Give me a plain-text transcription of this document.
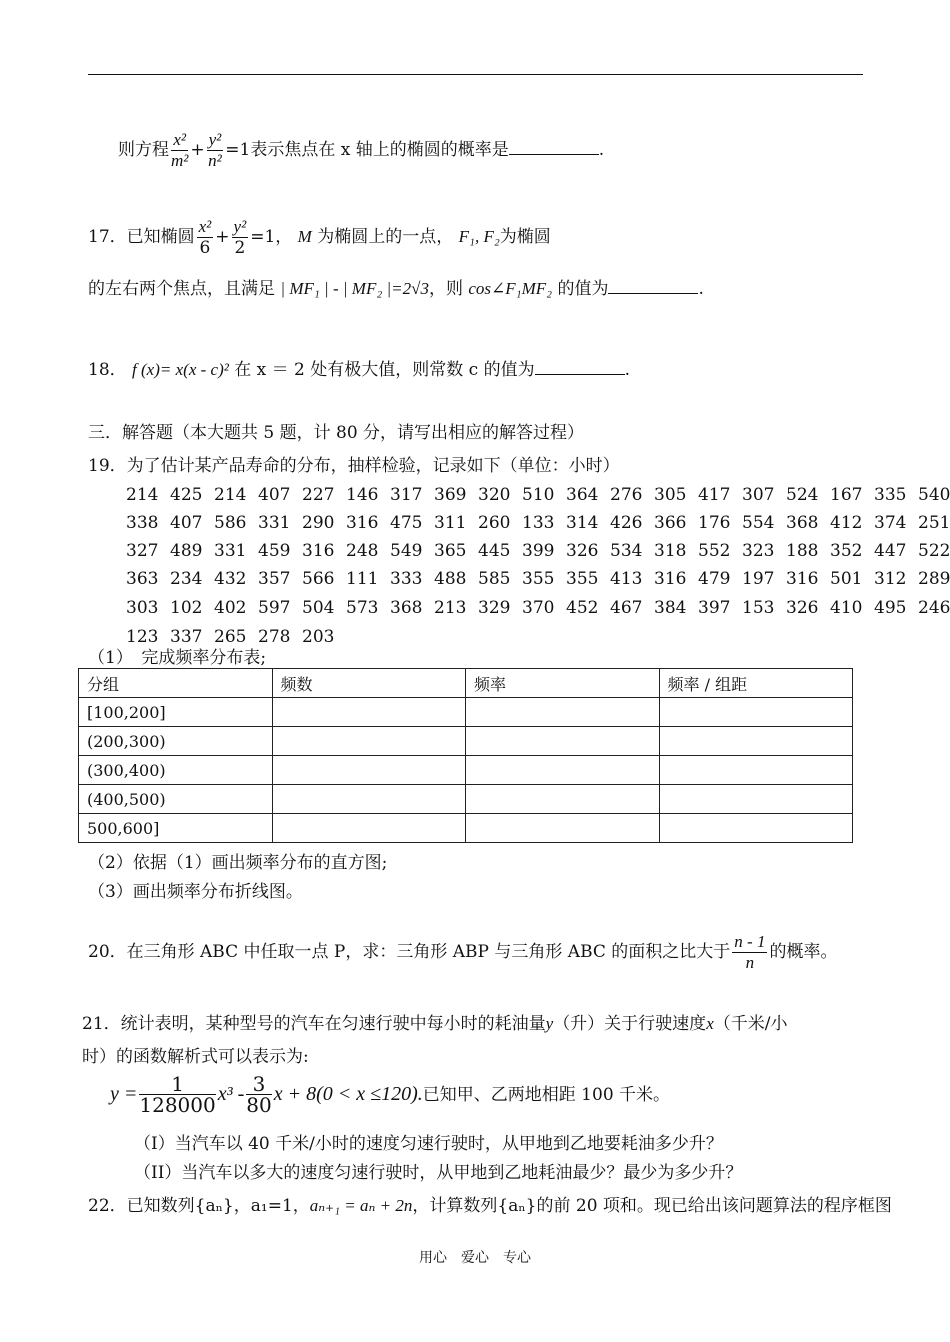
则方程 $\frac{\text{x²}}{\text{m²}} + \frac{\text{y²}}{\text{n²}} =1$表示焦点在 x 轴上的椭圆的概率是	.
17．已知椭圆 $\frac{\text{x²}}{6} + \frac{\text{y²}}{2} =1$， M 为椭圆上的一点， F₁, F₂为椭圆
的左右两个焦点，且满足 | MF₁ | - | MF₂ |=2√3，则 cos∠F₁MF₂ 的值为	.
18． f (x)= x(x - c)² 在 x ＝ 2 处有极大值，则常数 c 的值为	.
三．解答题（本大题共 5 题，计 80 分，请写出相应的解答过程）
19．为了估计某产品寿命的分布，抽样检验，记录如下（单位：小时）
214 425 214 407 227 146 317 369 320 510 364 276 305 417 307 524 167 335 540
338 407 586 331 290 316 475 311 260 133 314 426 366 176 554 368 412 374 251
327 489 331 459 316 248 549 365 445 399 326 534 318 552 323 188 352 447 522
363 234 432 357 566 111 333 488 585 355 355 413 316 479 197 316 501 312 289
303 102 402 597 504 573 368 213 329 370 452 467 384 397 153 326 410 495 246
123 337 265 278 203
（1）　完成频率分布表;
分组	频数	频率	频率 / 组距
[100,200]			
(200,300)			
(300,400)			
(400,500)			
500,600]			
（2）依据（1）画出频率分布的直方图;
（3）画出频率分布折线图。
20．在三角形 ABC 中任取一点 P，求：三角形 ABP 与三角形 ABC 的面积之比大于 $\frac{n - 1}{n}$ 的概率。
21．统计表明，某种型号的汽车在匀速行驶中每小时的耗油量y（升）关于行驶速度x（千米/小
时）的函数解析式可以表示为:
$y = \frac{1}{128000} x^3 - \frac{3}{80}$ x + 8(0 < x ≤120).已知甲、乙两地相距 100 千米。
（I）当汽车以 40 千米/小时的速度匀速行驶时，从甲地到乙地要耗油多少升？
（II）当汽车以多大的速度匀速行驶时，从甲地到乙地耗油最少？最少为多少升？
22．已知数列{aₙ}，a₁=1，aₙ₊₁ = aₙ + 2n，计算数列{aₙ}的前 20 项和。现已给出该问题算法的程序框图
用心　爱心　专心
